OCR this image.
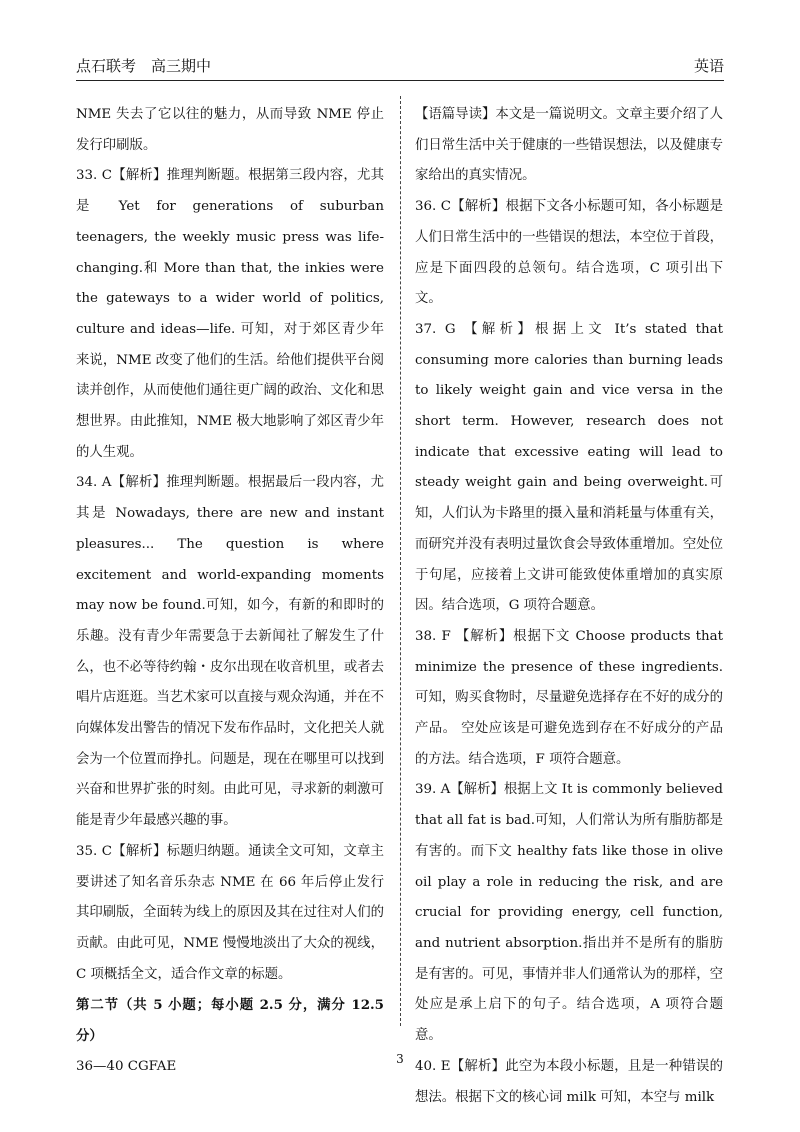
点石联考　高三期中	英语

NME 失去了它以往的魅力，从而导致 NME 停止发行印刷版。

33. C【解析】推理判断题。根据第三段内容，尤其是 Yet for generations of suburban teenagers, the weekly music press was life-changing.和 More than that, the inkies were the gateways to a wider world of politics, culture and ideas—life. 可知，对于郊区青少年来说，NME 改变了他们的生活。给他们提供平台阅读并创作，从而使他们通往更广阔的政治、文化和思想世界。由此推知，NME 极大地影响了郊区青少年的人生观。

34. A【解析】推理判断题。根据最后一段内容，尤其是 Nowadays, there are new and instant pleasures... The question is where excitement and world-expanding moments may now be found.可知，如今，有新的和即时的乐趣。没有青少年需要急于去新闻社了解发生了什么，也不必等待约翰・皮尔出现在收音机里，或者去唱片店逛逛。当艺术家可以直接与观众沟通，并在不向媒体发出警告的情况下发布作品时，文化把关人就会为一个位置而挣扎。问题是，现在在哪里可以找到兴奋和世界扩张的时刻。由此可见，寻求新的刺激可能是青少年最感兴趣的事。

35. C【解析】标题归纳题。通读全文可知，文章主要讲述了知名音乐杂志 NME 在 66 年后停止发行其印刷版，全面转为线上的原因及其在过往对人们的贡献。由此可见，NME 慢慢地淡出了大众的视线，C 项概括全文，适合作文章的标题。

第二节（共 5 小题；每小题 2.5 分，满分 12.5 分）

36—40 CGFAE

【语篇导读】本文是一篇说明文。文章主要介绍了人们日常生活中关于健康的一些错误想法，以及健康专家给出的真实情况。

36. C【解析】根据下文各小标题可知，各小标题是人们日常生活中的一些错误的想法，本空位于首段，应是下面四段的总领句。结合选项，C 项引出下文。

37. G 【解析】根据上文 It’s stated that consuming more calories than burning leads to likely weight gain and vice versa in the short term. However, research does not indicate that excessive eating will lead to steady weight gain and being overweight.可知，人们认为卡路里的摄入量和消耗量与体重有关，而研究并没有表明过量饮食会导致体重增加。空处位于句尾，应接着上文讲可能致使体重增加的真实原因。结合选项，G 项符合题意。

38. F 【解析】根据下文 Choose products that minimize the presence of these ingredients.可知，购买食物时，尽量避免选择存在不好的成分的产品。 空处应该是可避免选到存在不好成分的产品的方法。结合选项，F 项符合题意。

39. A【解析】根据上文 It is commonly believed that all fat is bad.可知，人们常认为所有脂肪都是有害的。而下文 healthy fats like those in olive oil play a role in reducing the risk, and are crucial for providing energy, cell function, and nutrient absorption.指出并不是所有的脂肪是有害的。可见，事情并非人们通常认为的那样，空处应是承上启下的句子。结合选项，A 项符合题意。

40. E【解析】此空为本段小标题，且是一种错误的想法。根据下文的核心词 milk 可知，本空与 milk

3
